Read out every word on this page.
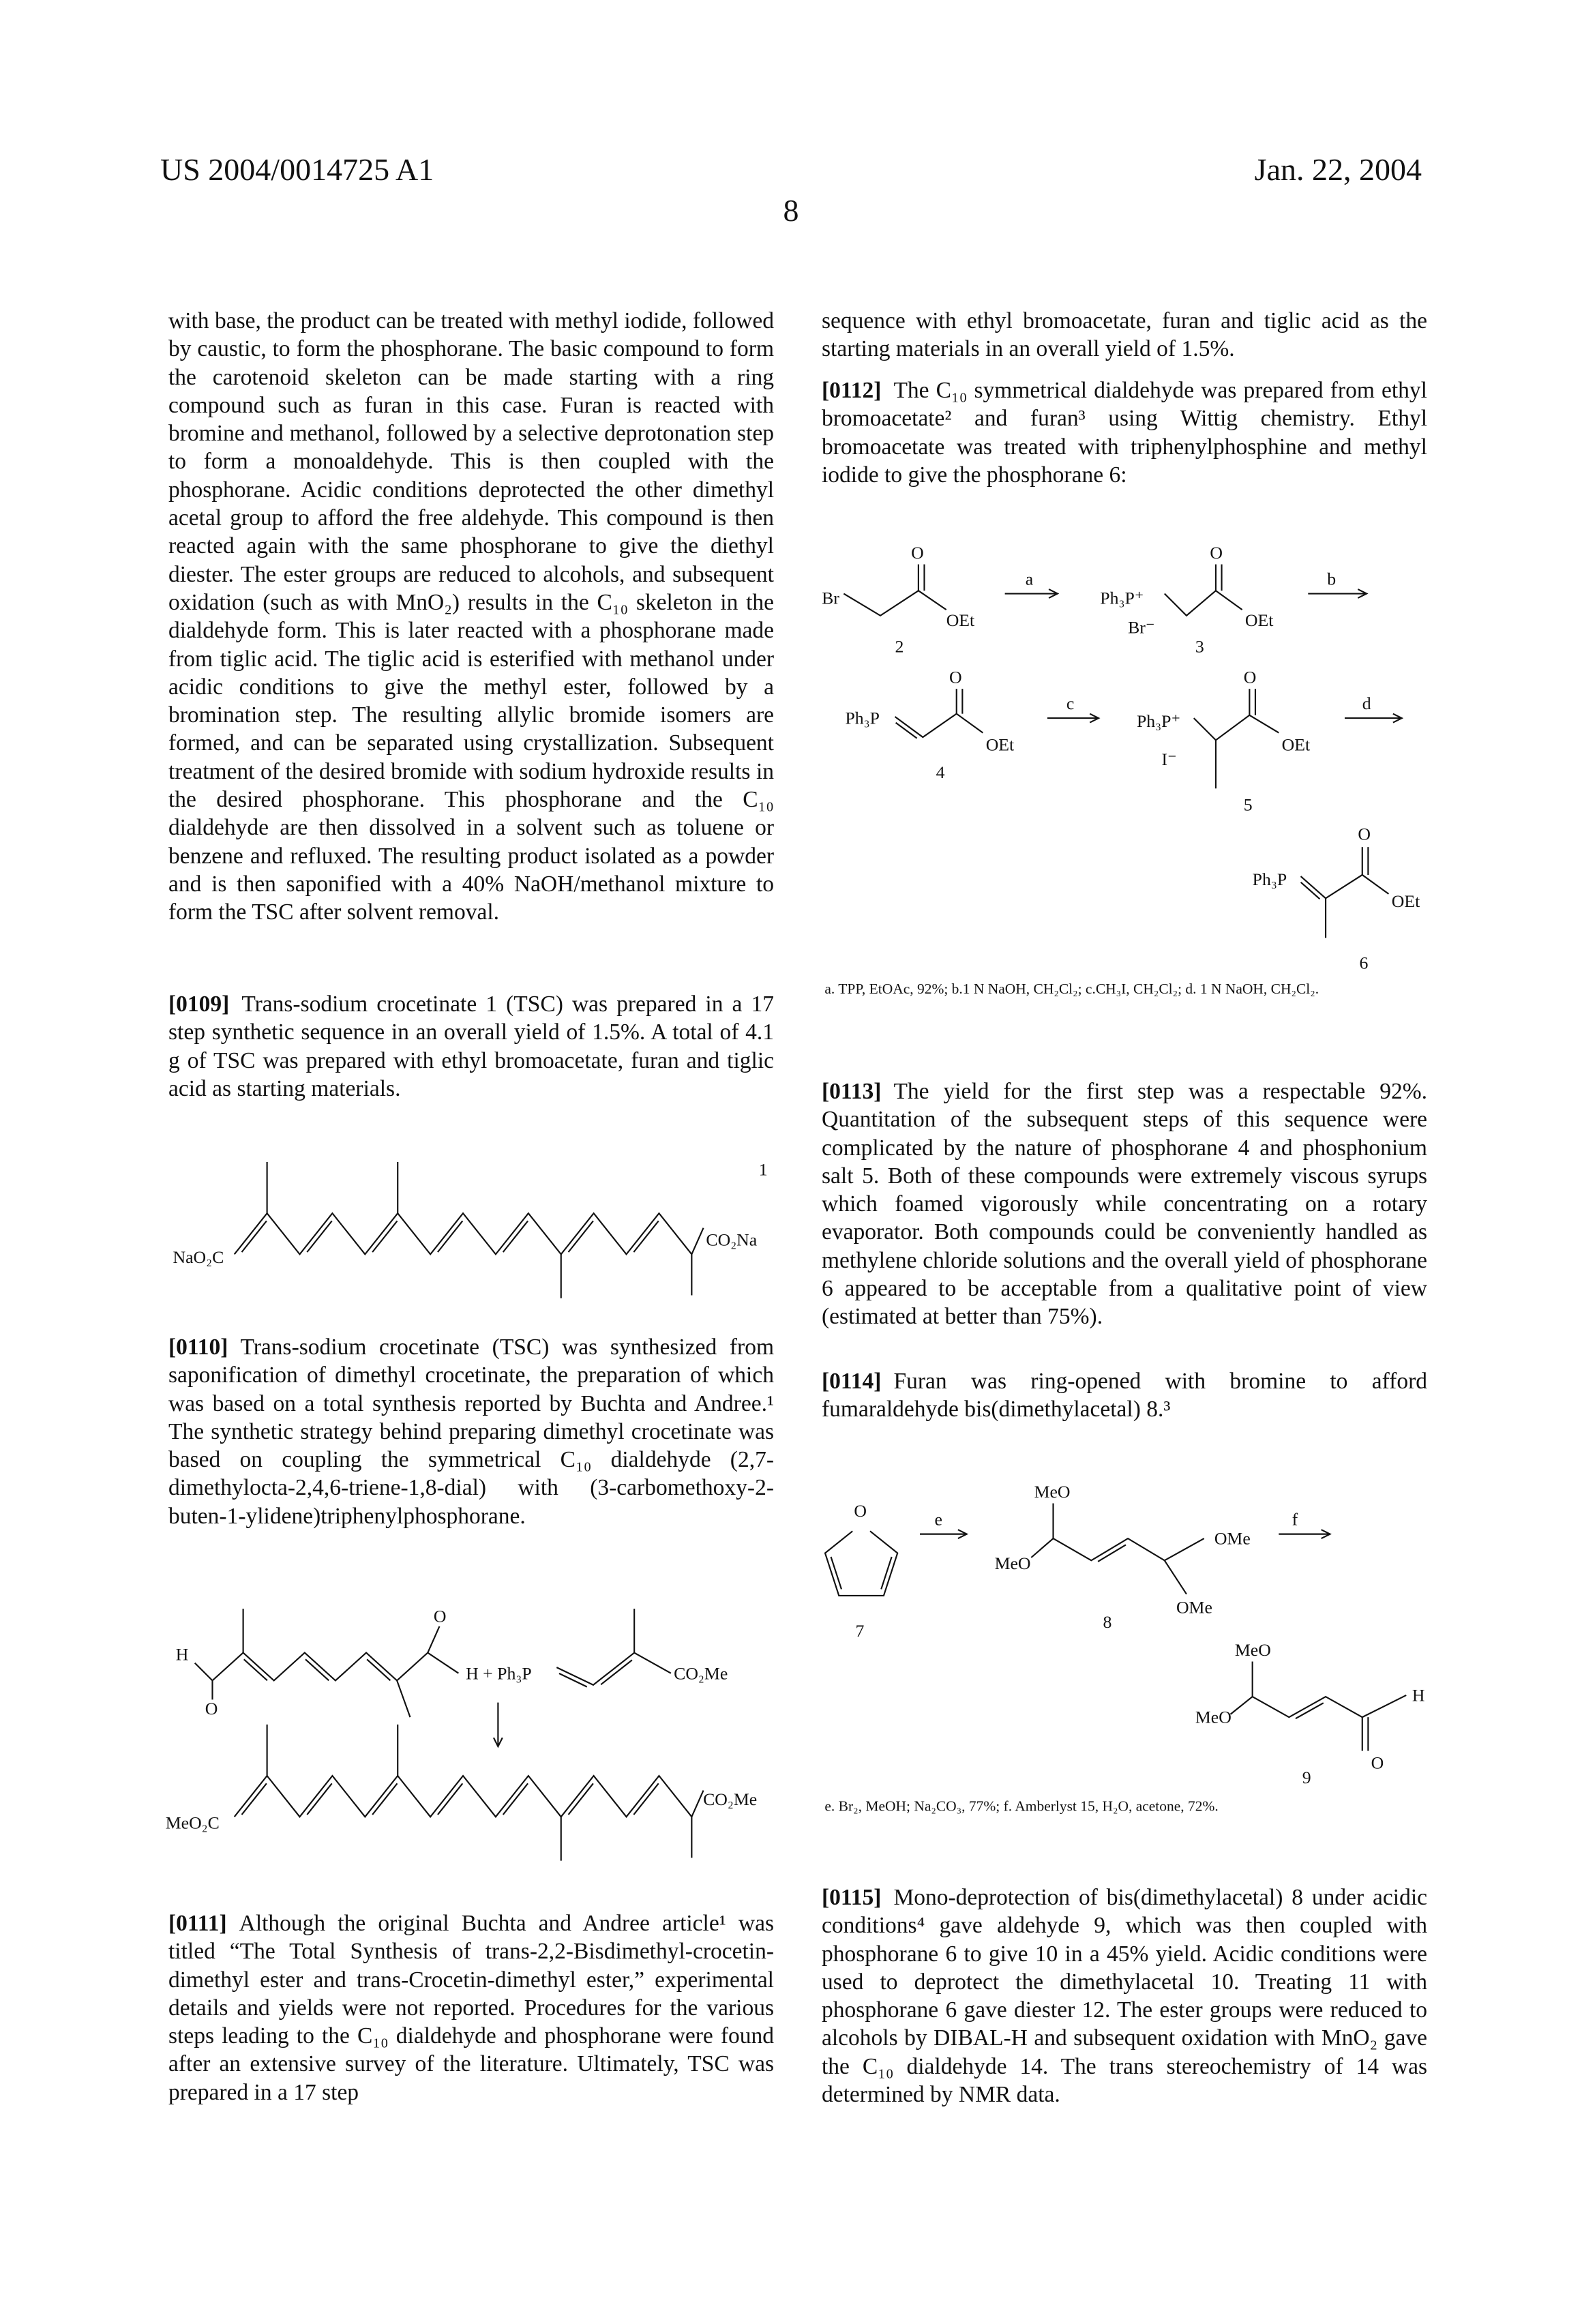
US 2004/0014725 A1	Jan. 22, 2004
8
with base, the product can be treated with methyl iodide, followed by caustic, to form the phosphorane. The basic compound to form the carotenoid skeleton can be made starting with a ring compound such as furan in this case. Furan is reacted with bromine and methanol, followed by a selective deprotonation step to form a monoaldehyde. This is then coupled with the phosphorane. Acidic conditions deprotected the other dimethyl acetal group to afford the free aldehyde. This compound is then reacted again with the same phosphorane to give the diethyl diester. The ester groups are reduced to alcohols, and subsequent oxidation (such as with MnO₂) results in the C₁₀ skeleton in the dialdehyde form. This is later reacted with a phosphorane made from tiglic acid. The tiglic acid is esterified with methanol under acidic conditions to give the methyl ester, followed by a bromination step. The resulting allylic bromide isomers are formed, and can be separated using crystallization. Subsequent treatment of the desired bromide with sodium hydroxide results in the desired phosphorane. This phosphorane and the C₁₀ dialdehyde are then dissolved in a solvent such as toluene or benzene and refluxed. The resulting product isolated as a powder and is then saponified with a 40% NaOH/methanol mixture to form the TSC after solvent removal.
[0109] Trans-sodium crocetinate 1 (TSC) was prepared in a 17 step synthetic sequence in an overall yield of 1.5%. A total of 4.1 g of TSC was prepared with ethyl bromoacetate, furan and tiglic acid as starting materials.
[0110] Trans-sodium crocetinate (TSC) was synthesized from saponification of dimethyl crocetinate, the preparation of which was based on a total synthesis reported by Buchta and Andree.¹ The synthetic strategy behind preparing dimethyl crocetinate was based on coupling the symmetrical C₁₀ dialdehyde (2,7-dimethylocta-2,4,6-triene-1,8-dial) with (3-carbomethoxy-2-buten-1-ylidene)triphenylphosphorane.
[0111] Although the original Buchta and Andree article¹ was titled “The Total Synthesis of trans-2,2-Bisdimethyl-crocetin-dimethyl ester and trans-Crocetin-dimethyl ester,” experimental details and yields were not reported. Procedures for the various steps leading to the C₁₀ dialdehyde and phosphorane were found after an extensive survey of the literature. Ultimately, TSC was prepared in a 17 step
sequence with ethyl bromoacetate, furan and tiglic acid as the starting materials in an overall yield of 1.5%.
[0112] The C₁₀ symmetrical dialdehyde was prepared from ethyl bromoacetate² and furan³ using Wittig chemistry. Ethyl bromoacetate was treated with triphenylphosphine and methyl iodide to give the phosphorane 6:
[0113] The yield for the first step was a respectable 92%. Quantitation of the subsequent steps of this sequence were complicated by the nature of phosphorane 4 and phosphonium salt 5. Both of these compounds were extremely viscous syrups which foamed vigorously while concentrating on a rotary evaporator. Both compounds could be conveniently handled as methylene chloride solutions and the overall yield of phosphorane 6 appeared to be acceptable from a qualitative point of view (estimated at better than 75%).
[0114] Furan was ring-opened with bromine to afford fumaraldehyde bis(dimethylacetal) 8.³
[0115] Mono-deprotection of bis(dimethylacetal) 8 under acidic conditions⁴ gave aldehyde 9, which was then coupled with phosphorane 6 to give 10 in a 45% yield. Acidic conditions were used to deprotect the dimethylacetal 10. Treating 11 with phosphorane 6 gave diester 12. The ester groups were reduced to alcohols by DIBAL-H and subsequent oxidation with MnO₂ gave the C₁₀ dialdehyde 14. The trans stereochemistry of 14 was determined by NMR data.
1
NaO₂C
CO₂Na
H
O
O
H + Ph₃P	CO₂Me
MeO₂C
CO₂Me
Br
O
OEt
2
a
Ph₃P⁺
Br⁻
O
OEt
3
b
Ph₃P
O
OEt
4
c
Ph₃P⁺
I⁻
O
OEt
5
d
Ph₃P
O
OEt
6
a. TPP, EtOAc, 92%; b.1 N NaOH, CH₂Cl₂; c.CH₃I, CH₂Cl₂; d. 1 N NaOH, CH₂Cl₂.
O
7
e
MeO
MeO
OMe
OMe
8
f
MeO
MeO
H
O
9
e. Br₂, MeOH; Na₂CO₃, 77%; f. Amberlyst 15, H₂O, acetone, 72%.
